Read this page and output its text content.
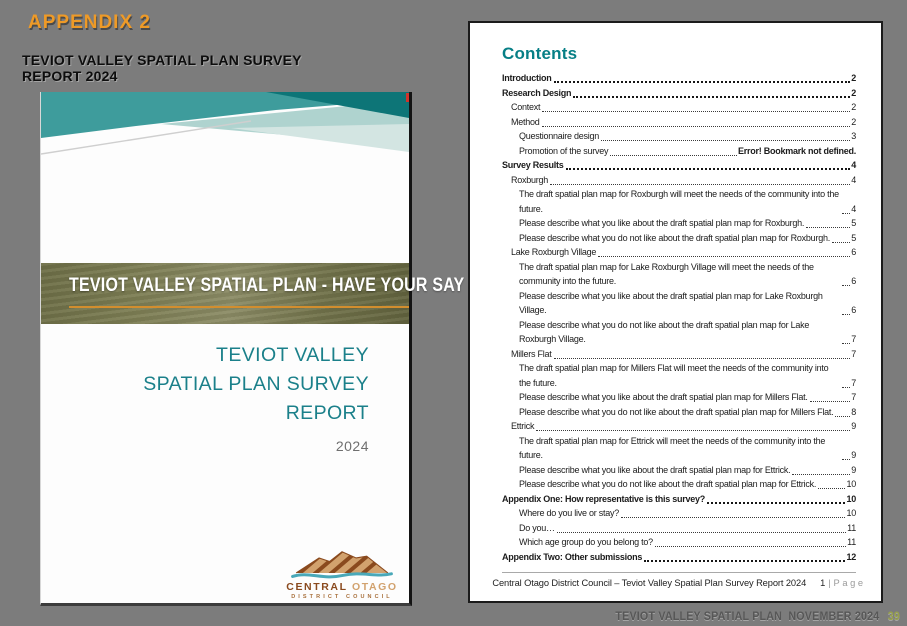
APPENDIX 2
TEVIOT VALLEY SPATIAL PLAN SURVEY
REPORT 2024
TEVIOT VALLEY SPATIAL PLAN - HAVE YOUR SAY
TEVIOT VALLEY
SPATIAL PLAN SURVEY
REPORT
2024
CENTRAL OTAGO
DISTRICT COUNCIL
Contents
Introduction	2
Research Design	2
Context	2
Method	2
Questionnaire design	3
Promotion of the survey	Error! Bookmark not defined.
Survey Results	4
Roxburgh	4
The draft spatial plan map for Roxburgh will meet the needs of the community into the future.	4
Please describe what you like about the draft spatial plan map for Roxburgh.	5
Please describe what you do not like about the draft spatial plan map for Roxburgh. 5
Lake Roxburgh Village	6
The draft spatial plan map for Lake Roxburgh Village will meet the needs of the community into the future.	6
Please describe what you like about the draft spatial plan map for Lake Roxburgh Village.	6
Please describe what you do not like about the draft spatial plan map for Lake Roxburgh Village.	7
Millers Flat	7
The draft spatial plan map for Millers Flat will meet the needs of the community into the future.	7
Please describe what you like about the draft spatial plan map for Millers Flat.	7
Please describe what you do not like about the draft spatial plan map for Millers Flat. 8
Ettrick	9
The draft spatial plan map for Ettrick will meet the needs of the community into the future.	9
Please describe what you like about the draft spatial plan map for Ettrick.	9
Please describe what you do not like about the draft spatial plan map for Ettrick.	10
Appendix One: How representative is this survey?	10
Where do you live or stay?	10
Do you…	11
Which age group do you belong to?	11
Appendix Two: Other submissions	12
Central Otago District Council – Teviot Valley Spatial Plan Survey Report 2024 1 | Page
TEVIOT VALLEY SPATIAL PLAN  NOVEMBER 2024 39
